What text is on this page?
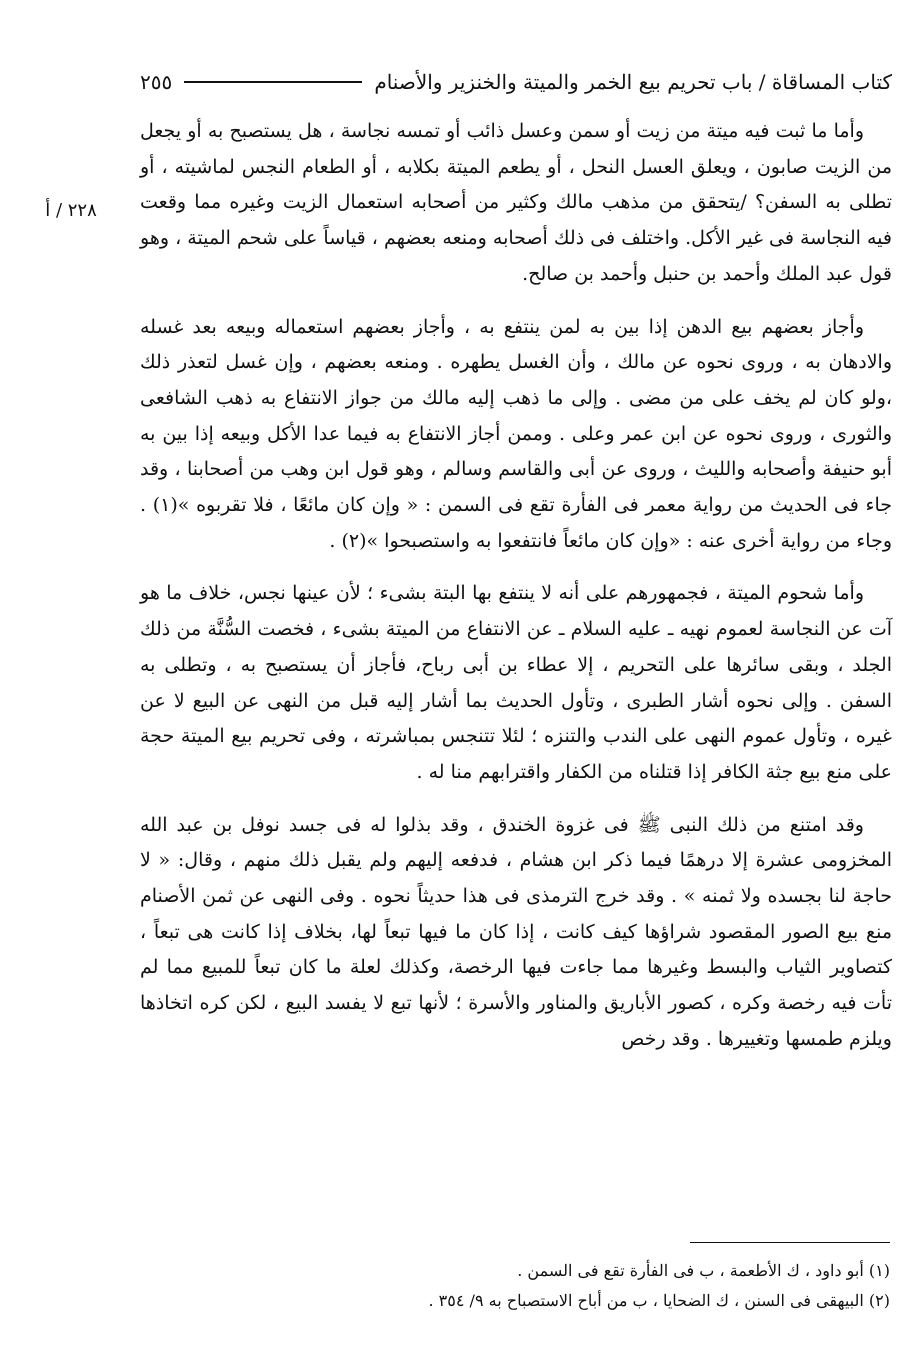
كتاب المساقاة / باب تحريم بيع الخمر والميتة والخنزير والأصنام
٢٥٥
٢٢٨ / أ

وأما ما ثبت فيه ميتة من زيت أو سمن وعسل ذائب أو تمسه نجاسة ، هل يستصبح به أو يجعل من الزيت صابون ، ويعلق العسل النحل ، أو يطعم الميتة بكلابه ، أو الطعام النجس لماشيته ، أو تطلى به السفن؟ /يتحقق من مذهب مالك وكثير من أصحابه استعمال الزيت وغيره مما وقعت فيه النجاسة فى غير الأكل. واختلف فى ذلك أصحابه ومنعه بعضهم ، قياساً على شحم الميتة ، وهو قول عبد الملك وأحمد بن حنبل وأحمد بن صالح.

وأجاز بعضهم بيع الدهن إذا بين به لمن ينتفع به ، وأجاز بعضهم استعماله وبيعه بعد غسله والادهان به ، وروى نحوه عن مالك ، وأن الغسل يطهره . ومنعه بعضهم ، وإن غسل لتعذر ذلك ،ولو كان لم يخف على من مضى . وإلى ما ذهب إليه مالك من جواز الانتفاع به ذهب الشافعى والثورى ، وروى نحوه عن ابن عمر وعلى . وممن أجاز الانتفاع به فيما عدا الأكل وبيعه إذا بين به أبو حنيفة وأصحابه والليث ، وروى عن أبى والقاسم وسالم ، وهو قول ابن وهب من أصحابنا ، وقد جاء فى الحديث من رواية معمر فى الفأرة تقع فى السمن : « وإن كان مائعًا ، فلا تقربوه »(١) . وجاء من رواية أخرى عنه : «وإن كان مائعاً فانتفعوا به واستصبحوا »(٢) .

وأما شحوم الميتة ، فجمهورهم على أنه لا ينتفع بها البتة بشىء ؛ لأن عينها نجس، خلاف ما هو آت عن النجاسة لعموم نهيه ـ عليه السلام ـ عن الانتفاع من الميتة بشىء ، فخصت السُّنَّة من ذلك الجلد ، وبقى سائرها على التحريم ، إلا عطاء بن أبى رباح، فأجاز أن يستصبح به ، وتطلى به السفن . وإلى نحوه أشار الطبرى ، وتأول الحديث بما أشار إليه قبل من النهى عن البيع لا عن غيره ، وتأول عموم النهى على الندب والتنزه ؛ لئلا تتنجس بمباشرته ، وفى تحريم بيع الميتة حجة على منع بيع جثة الكافر إذا قتلناه من الكفار واقترابهم منا له .

وقد امتنع من ذلك النبى ﷺ فى غزوة الخندق ، وقد بذلوا له فى جسد نوفل بن عبد الله المخزومى عشرة إلا درهمًا فيما ذكر ابن هشام ، فدفعه إليهم ولم يقبل ذلك منهم ، وقال: « لا حاجة لنا بجسده ولا ثمنه » . وقد خرج الترمذى فى هذا حديثاً نحوه . وفى النهى عن ثمن الأصنام منع بيع الصور المقصود شراؤها كيف كانت ، إذا كان ما فيها تبعاً لها، بخلاف إذا كانت هى تبعاً ، كتصاوير الثياب والبسط وغيرها مما جاءت فيها الرخصة، وكذلك لعلة ما كان تبعاً للمبيع مما لم تأت فيه رخصة وكره ، كصور الأباريق والمناور والأسرة ؛ لأنها تبع لا يفسد البيع ، لكن كره اتخاذها ويلزم طمسها وتغييرها . وقد رخص

(١) أبو داود ، ك الأطعمة ، ب فى الفأرة تقع فى السمن .
(٢) البيهقى فى السنن ، ك الضحايا ، ب من أباح الاستصباح به ٩/ ٣٥٤ .
